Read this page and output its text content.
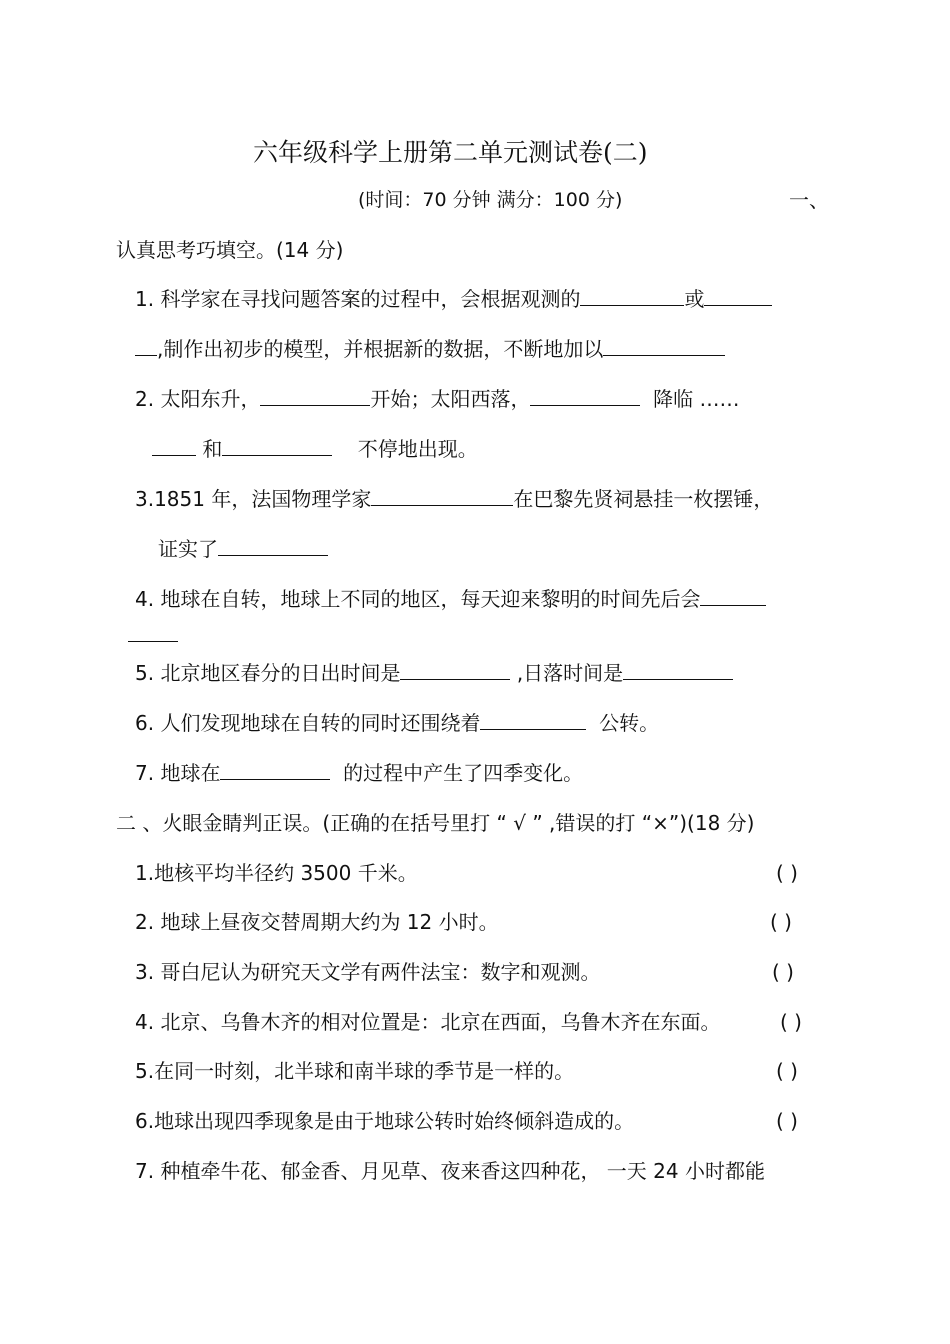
六年级科学上册第二单元测试卷(二)
(时间：70 分钟 满分：100 分)	一、
认真思考巧填空。(14 分)
1. 科学家在寻找问题答案的过程中，会根据观测的	或
,制作出初步的模型，并根据新的数据，不断地加以
2. 太阳东升，	开始；太阳西落，	降临 ……
和	不停地出现。
3.1851 年，法国物理学家	在巴黎先贤祠悬挂一枚摆锤，
证实了
4. 地球在自转，地球上不同的地区，每天迎来黎明的时间先后会
5. 北京地区春分的日出时间是	,日落时间是
6. 人们发现地球在自转的同时还围绕着	公转。
7. 地球在	的过程中产生了四季变化。
二 、火眼金睛判正误。(正确的在括号里打 “ √ ” ,错误的打 “×”)(18 分)
1.地核平均半径约 3500 千米。	( )
2. 地球上昼夜交替周期大约为 12 小时。	( )
3. 哥白尼认为研究天文学有两件法宝：数字和观测。	( )
4. 北京、乌鲁木齐的相对位置是：北京在西面，乌鲁木齐在东面。	( )
5.在同一时刻，北半球和南半球的季节是一样的。	( )
6.地球出现四季现象是由于地球公转时始终倾斜造成的。	( )
7. 种植牵牛花、郁金香、月见草、夜来香这四种花， 一天 24 小时都能
